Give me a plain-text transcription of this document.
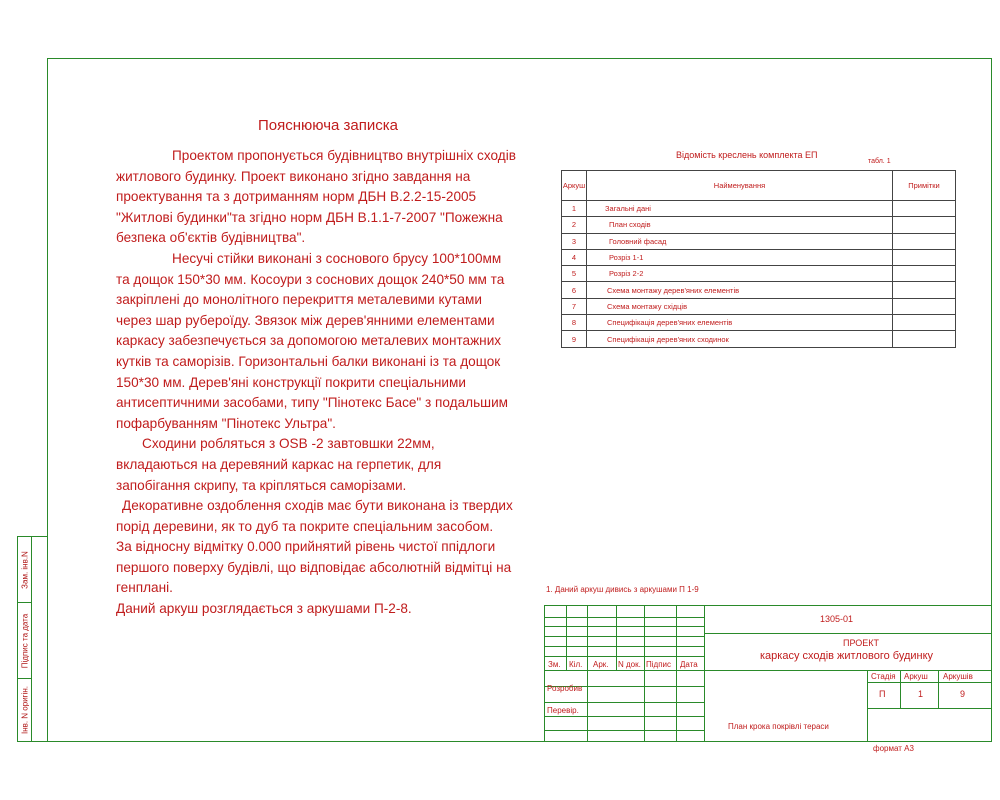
Зам. інв.N
Підпис та дата
Інв. N оригін.
Пояснююча записка

Проектом пропонується будівництво внутрішніх сходів житлового будинку. Проект виконано згідно завдання на проектування та з дотриманням норм ДБН В.2.2-15-2005 "Житлові будинки"та згідно норм ДБН В.1.1-7-2007 "Пожежна безпека об'єктів будівництва".

Несучі стійки виконані з соснового брусу 100*100мм та дощок 150*30 мм. Косоури з соснових дощок 240*50 мм та закріплені до монолітного перекриття металевими кутами через шар рубероїду. Звязок між дерев'янними елементами каркасу забезпечується за допомогою металевих монтажних кутків та саморізів. Горизонтальні балки виконані із та дощок 150*30 мм. Дерев'яні конструкції покрити спеціальними антисептичними засобами, типу "Пінотекс Басе" з подальшим пофарбуванням "Пінотекс Ультра".

Сходини робляться з OSB -2 завтовшки 22мм, вкладаються на деревяний каркас на герпетик, для запобігання скрипу, та кріпляться саморізами.

Декоративне оздоблення сходів має бути виконана із твердих порід деревини, як то дуб та покрите спеціальним засобом.

За відносну відмітку 0.000 прийнятий рівень чистої ппідлоги першого поверху будівлі, що відповідає абсолютній відмітці на генплані.

Даний аркуш розглядається з аркушами П-2-8.

Відомість креслень комплекта ЕП
табл. 1
Аркуш	Найменування	Примітки
1	Загальні дані	
2	План сходів	
3	Головний фасад	
4	Розріз 1-1	
5	Розріз 2-2	
6	Схема монтажу дерев'яних елементів	
7	Схема монтажу східців	
8	Специфікація дерев'яних елементів	
9	Специфікація дерев'яних сходинок	
1. Даний аркуш дивись з аркушами П 1-9
1305-01
ПРОЕКТ
каркасу сходів житлового будинку
Зм. Кіл. Арк. N док. Підпис Дата
Розробив
Перевір.
Стадія Аркуш Аркушів
П	1	9
План крока покрівлі тераси
формат А3
